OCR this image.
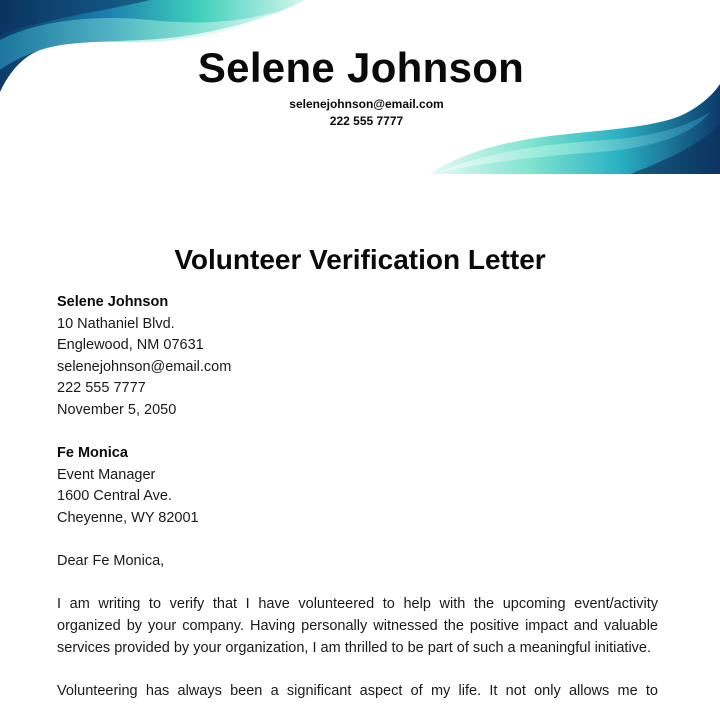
Selene Johnson
selenejohnson@email.com
222 555 7777
Volunteer Verification Letter

Selene Johnson

10 Nathaniel Blvd.

Englewood, NM 07631

selenejohnson@email.com

222 555 7777

November 5, 2050

Fe Monica

Event Manager

1600 Central Ave.

Cheyenne, WY 82001

Dear Fe Monica,

I am writing to verify that I have volunteered to help with the upcoming event/activity organized by your company. Having personally witnessed the positive impact and valuable services provided by your organization, I am thrilled to be part of such a meaningful initiative.

Volunteering has always been a significant aspect of my life. It not only allows me to
